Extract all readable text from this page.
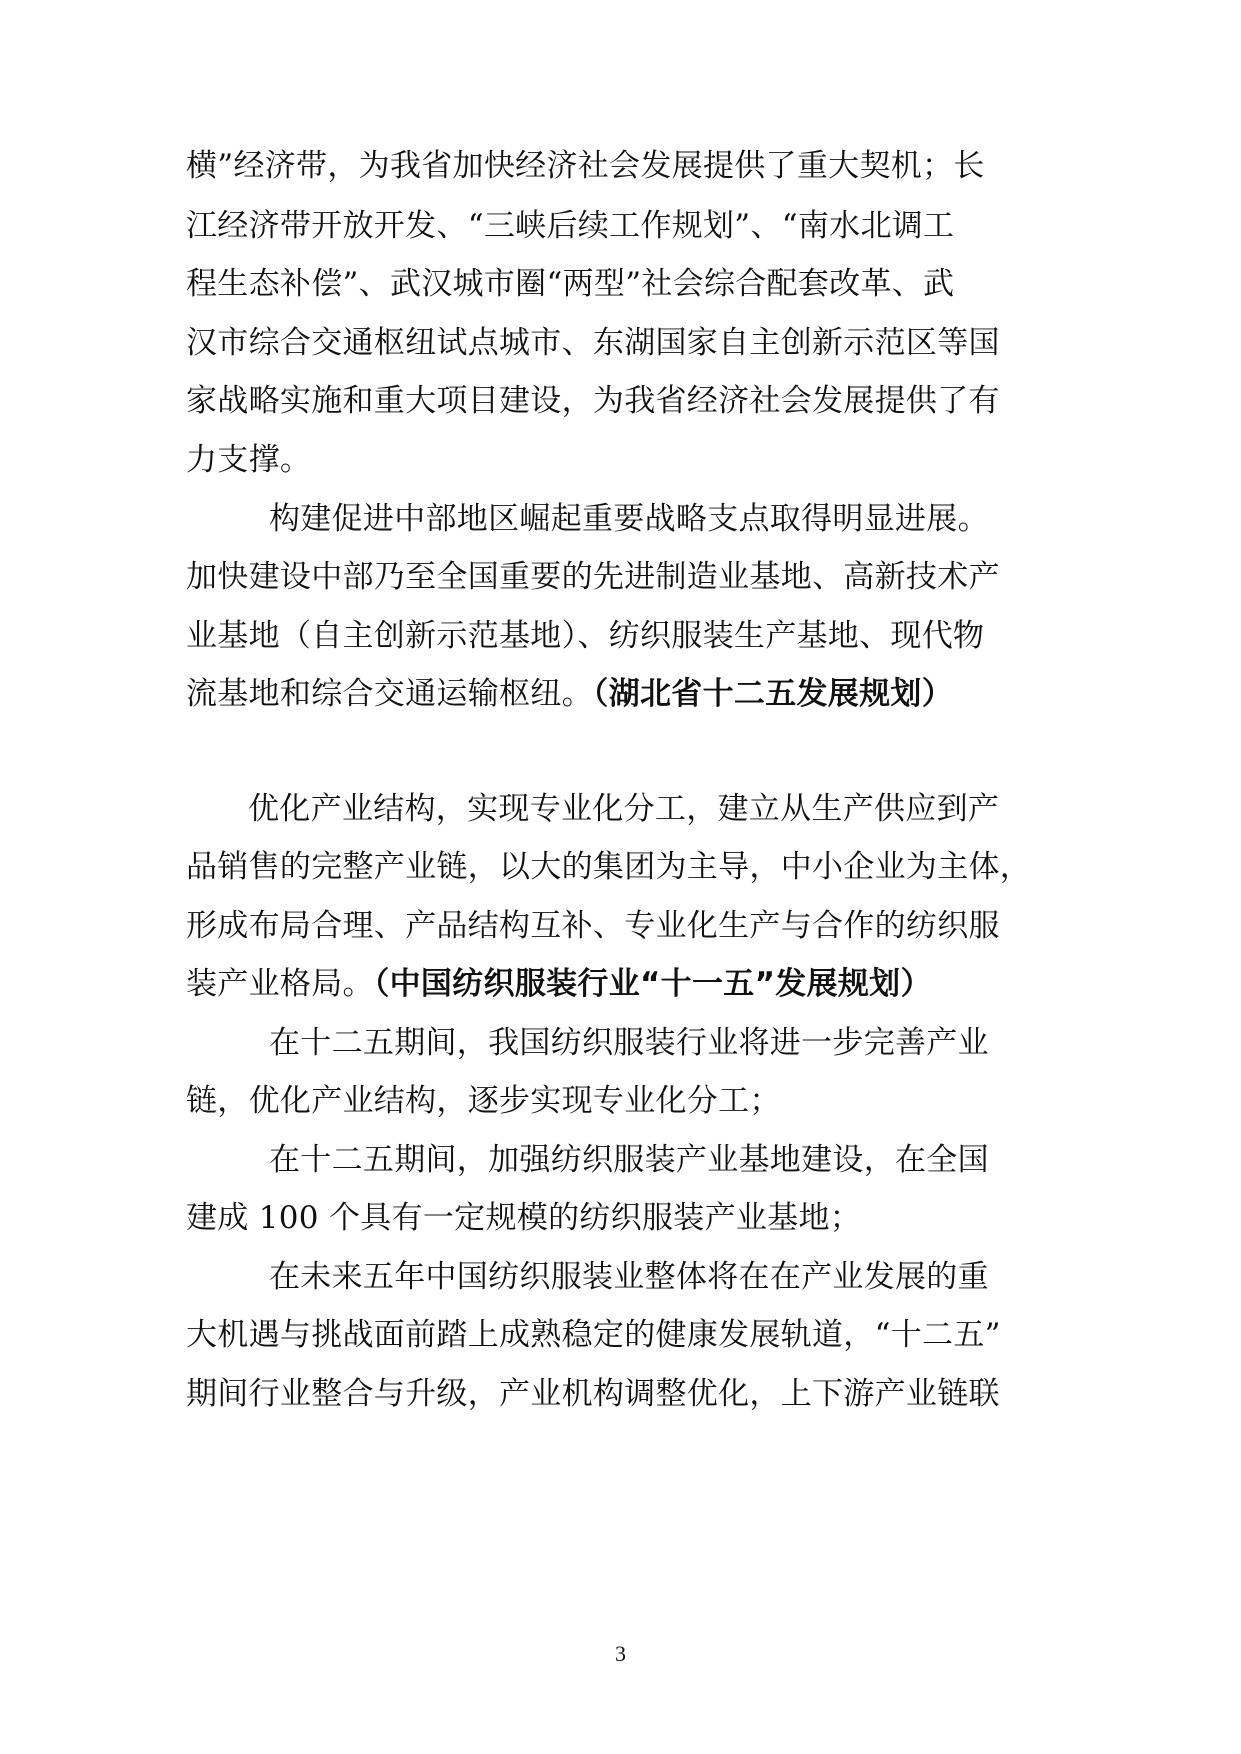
横”经济带，为我省加快经济社会发展提供了重大契机；长
江经济带开放开发、“三峡后续工作规划”、“南水北调工
程生态补偿”、武汉城市圈“两型”社会综合配套改革、武
汉市综合交通枢纽试点城市、东湖国家自主创新示范区等国
家战略实施和重大项目建设，为我省经济社会发展提供了有
力支撑。
构建促进中部地区崛起重要战略支点取得明显进展。
加快建设中部乃至全国重要的先进制造业基地、高新技术产
业基地（自主创新示范基地）、纺织服装生产基地、现代物
流基地和综合交通运输枢纽。（湖北省十二五发展规划）
优化产业结构，实现专业化分工，建立从生产供应到产
品销售的完整产业链，以大的集团为主导，中小企业为主体，
形成布局合理、产品结构互补、专业化生产与合作的纺织服
装产业格局。（中国纺织服装行业“十一五”发展规划）
在十二五期间，我国纺织服装行业将进一步完善产业
链，优化产业结构，逐步实现专业化分工；
在十二五期间，加强纺织服装产业基地建设，在全国
建成 100 个具有一定规模的纺织服装产业基地；
在未来五年中国纺织服装业整体将在在产业发展的重
大机遇与挑战面前踏上成熟稳定的健康发展轨道，“十二五”
期间行业整合与升级，产业机构调整优化，上下游产业链联
3
